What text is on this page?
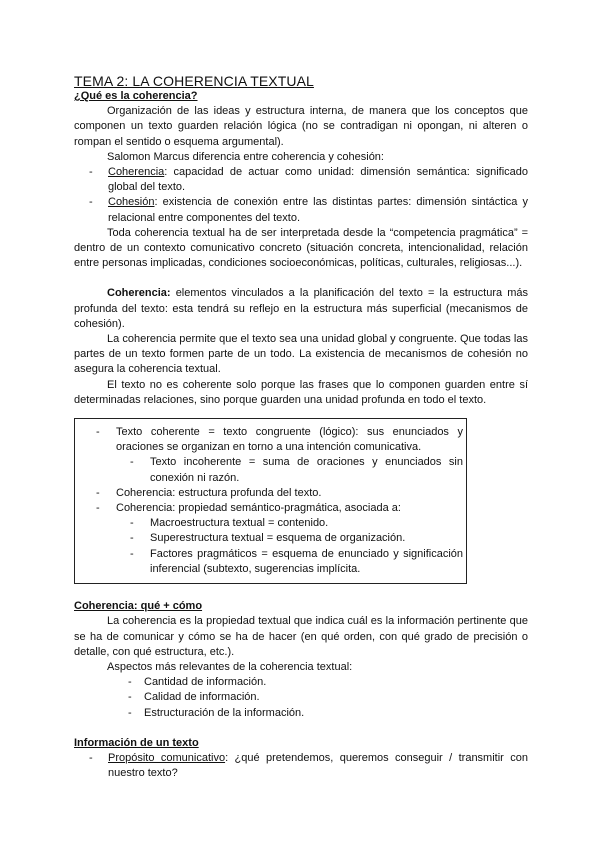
TEMA 2: LA COHERENCIA TEXTUAL
¿Qué es la coherencia?

Organización de las ideas y estructura interna, de manera que los conceptos que componen un texto guarden relación lógica (no se contradigan ni opongan, ni alteren o rompan el sentido o esquema argumental).

Salomon Marcus diferencia entre coherencia y cohesión:

- Coherencia: capacidad de actuar como unidad: dimensión semántica: significado global del texto.
- Cohesión: existencia de conexión entre las distintas partes: dimensión sintáctica y relacional entre componentes del texto.

Toda coherencia textual ha de ser interpretada desde la “competencia pragmática” = dentro de un contexto comunicativo concreto (situación concreta, intencionalidad, relación entre personas implicadas, condiciones socioeconómicas, políticas, culturales, religiosas...).

Coherencia: elementos vinculados a la planificación del texto = la estructura más profunda del texto: esta tendrá su reflejo en la estructura más superficial (mecanismos de cohesión).

La coherencia permite que el texto sea una unidad global y congruente. Que todas las partes de un texto formen parte de un todo. La existencia de mecanismos de cohesión no asegura la coherencia textual.

El texto no es coherente solo porque las frases que lo componen guarden entre sí determinadas relaciones, sino porque guarden una unidad profunda en todo el texto.

- Texto coherente = texto congruente (lógico): sus enunciados y oraciones se organizan en torno a una intención comunicativa.
- Texto incoherente = suma de oraciones y enunciados sin conexión ni razón.
- Coherencia: estructura profunda del texto.
- Coherencia: propiedad semántico-pragmática, asociada a:
- Macroestructura textual = contenido.
- Superestructura textual = esquema de organización.
- Factores pragmáticos = esquema de enunciado y significación inferencial (subtexto, sugerencias implícita.
Coherencia: qué + cómo

La coherencia es la propiedad textual que indica cuál es la información pertinente que se ha de comunicar y cómo se ha de hacer (en qué orden, con qué grado de precisión o detalle, con qué estructura, etc.).

Aspectos más relevantes de la coherencia textual:

- Cantidad de información.
- Calidad de información.
- Estructuración de la información.
Información de un texto
- Propósito comunicativo: ¿qué pretendemos, queremos conseguir / transmitir con nuestro texto?
